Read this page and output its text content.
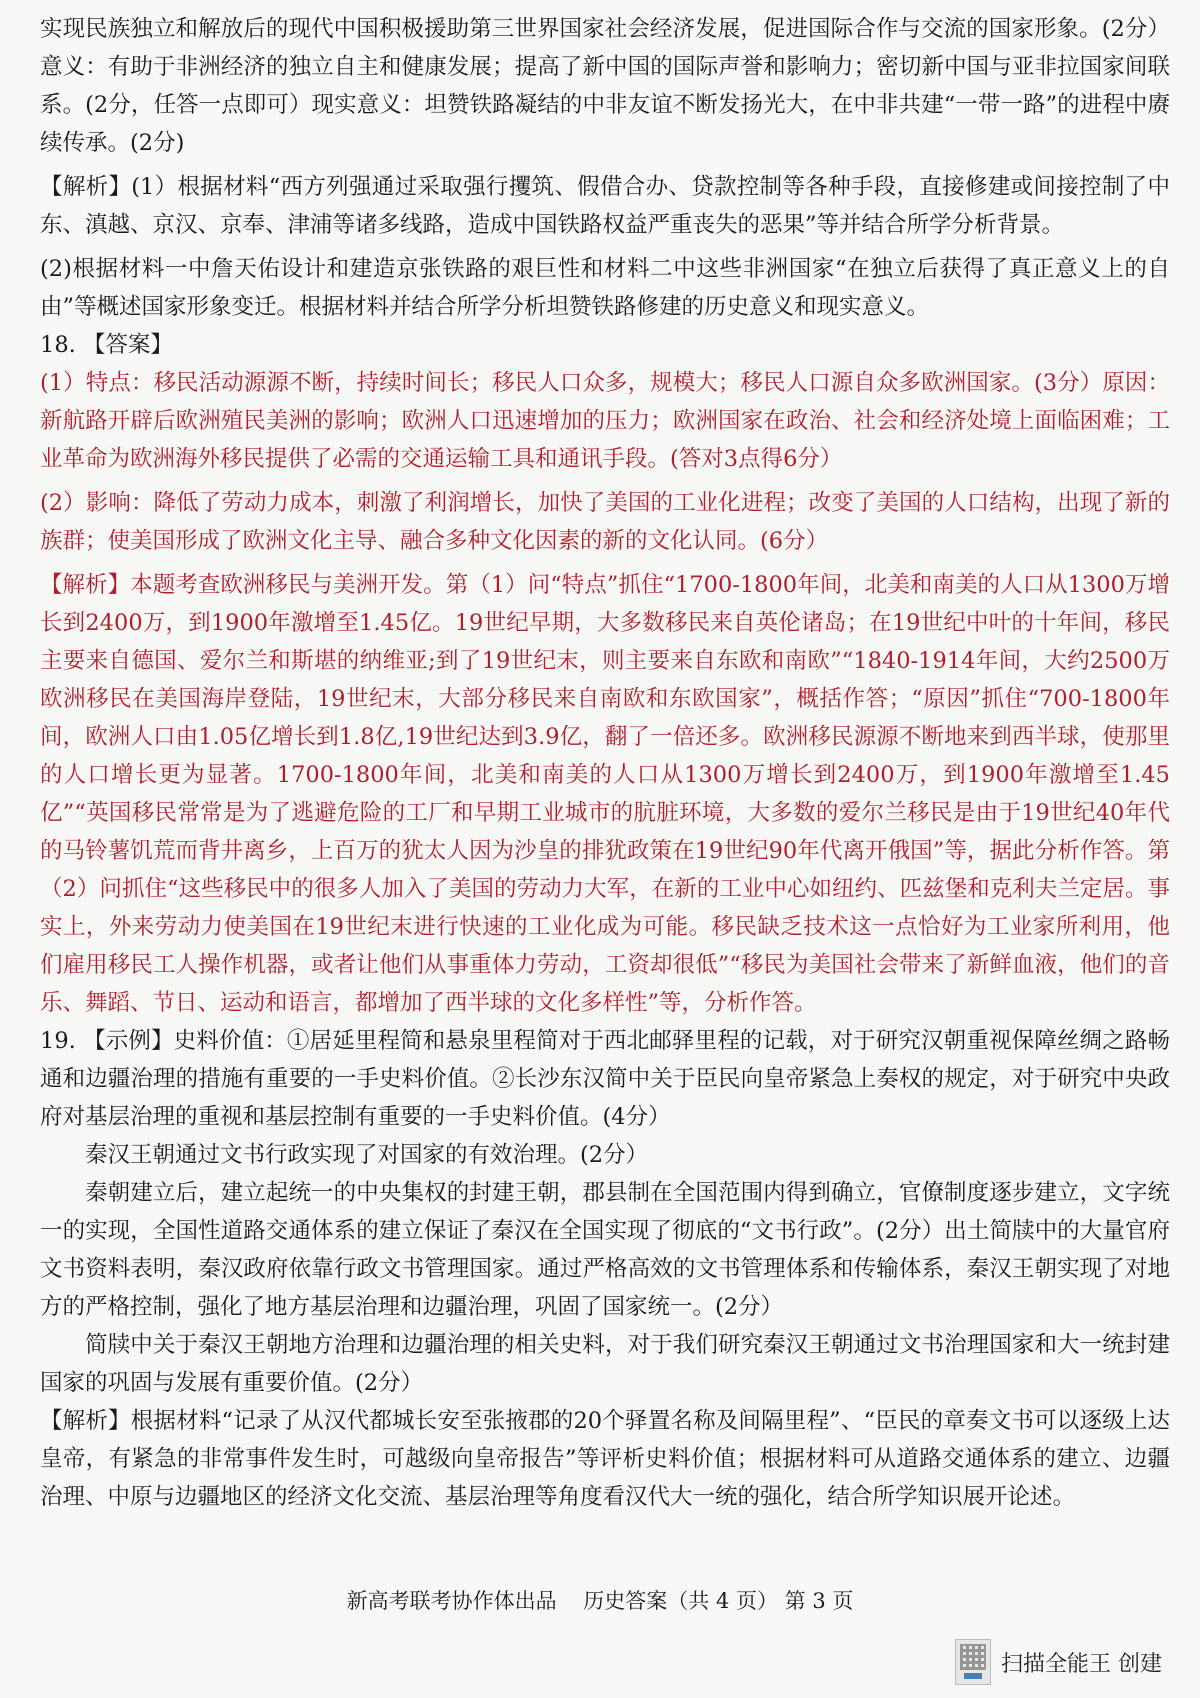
实现民族独立和解放后的现代中国积极援助第三世界国家社会经济发展，促进国际合作与交流的国家形象。(2分）意义：有助于非洲经济的独立自主和健康发展；提高了新中国的国际声誉和影响力；密切新中国与亚非拉国家间联系。(2分，任答一点即可）现实意义：坦赞铁路凝结的中非友谊不断发扬光大，在中非共建“一带一路”的进程中赓续传承。(2分)

【解析】(1）根据材料“西方列强通过采取强行攫筑、假借合办、贷款控制等各种手段，直接修建或间接控制了中东、滇越、京汉、京奉、津浦等诸多线路，造成中国铁路权益严重丧失的恶果”等并结合所学分析背景。

(2)根据材料一中詹天佑设计和建造京张铁路的艰巨性和材料二中这些非洲国家“在独立后获得了真正意义上的自由”等概述国家形象变迁。根据材料并结合所学分析坦赞铁路修建的历史意义和现实意义。

18. 【答案】

(1）特点：移民活动源源不断，持续时间长；移民人口众多，规模大；移民人口源自众多欧洲国家。(3分）原因：新航路开辟后欧洲殖民美洲的影响；欧洲人口迅速增加的压力；欧洲国家在政治、社会和经济处境上面临困难；工业革命为欧洲海外移民提供了必需的交通运输工具和通讯手段。(答对3点得6分）

(2）影响：降低了劳动力成本，刺激了利润增长，加快了美国的工业化进程；改变了美国的人口结构，出现了新的族群；使美国形成了欧洲文化主导、融合多种文化因素的新的文化认同。(6分）

【解析】本题考查欧洲移民与美洲开发。第（1）问“特点”抓住“1700-1800年间，北美和南美的人口从1300万增长到2400万，到1900年激增至1.45亿。19世纪早期，大多数移民来自英伦诸岛；在19世纪中叶的十年间，移民主要来自德国、爱尔兰和斯堪的纳维亚;到了19世纪末，则主要来自东欧和南欧”“1840-1914年间，大约2500万欧洲移民在美国海岸登陆，19世纪末，大部分移民来自南欧和东欧国家”，概括作答；“原因”抓住“700-1800年间，欧洲人口由1.05亿增长到1.8亿,19世纪达到3.9亿，翻了一倍还多。欧洲移民源源不断地来到西半球，使那里的人口增长更为显著。1700-1800年间，北美和南美的人口从1300万增长到2400万，到1900年激增至1.45亿”“英国移民常常是为了逃避危险的工厂和早期工业城市的肮脏环境，大多数的爱尔兰移民是由于19世纪40年代的马铃薯饥荒而背井离乡，上百万的犹太人因为沙皇的排犹政策在19世纪90年代离开俄国”等，据此分析作答。第（2）问抓住“这些移民中的很多人加入了美国的劳动力大军，在新的工业中心如纽约、匹兹堡和克利夫兰定居。事实上，外来劳动力使美国在19世纪末进行快速的工业化成为可能。移民缺乏技术这一点恰好为工业家所利用，他们雇用移民工人操作机器，或者让他们从事重体力劳动，工资却很低”“移民为美国社会带来了新鲜血液，他们的音乐、舞蹈、节日、运动和语言，都增加了西半球的文化多样性”等，分析作答。

19. 【示例】史料价值：①居延里程简和悬泉里程简对于西北邮驿里程的记载，对于研究汉朝重视保障丝绸之路畅通和边疆治理的措施有重要的一手史料价值。②长沙东汉简中关于臣民向皇帝紧急上奏权的规定，对于研究中央政府对基层治理的重视和基层控制有重要的一手史料价值。(4分）

秦汉王朝通过文书行政实现了对国家的有效治理。(2分）

秦朝建立后，建立起统一的中央集权的封建王朝，郡县制在全国范围内得到确立，官僚制度逐步建立，文字统一的实现，全国性道路交通体系的建立保证了秦汉在全国实现了彻底的“文书行政”。(2分）出土简牍中的大量官府文书资料表明，秦汉政府依靠行政文书管理国家。通过严格高效的文书管理体系和传输体系，秦汉王朝实现了对地方的严格控制，强化了地方基层治理和边疆治理，巩固了国家统一。(2分）

简牍中关于秦汉王朝地方治理和边疆治理的相关史料，对于我们研究秦汉王朝通过文书治理国家和大一统封建国家的巩固与发展有重要价值。(2分）

【解析】根据材料“记录了从汉代都城长安至张掖郡的20个驿置名称及间隔里程”、“臣民的章奏文书可以逐级上达皇帝，有紧急的非常事件发生时，可越级向皇帝报告”等评析史料价值；根据材料可从道路交通体系的建立、边疆治理、中原与边疆地区的经济文化交流、基层治理等角度看汉代大一统的强化，结合所学知识展开论述。

新高考联考协作体出品    历史答案（共 4 页） 第 3 页
扫描全能王 创建
